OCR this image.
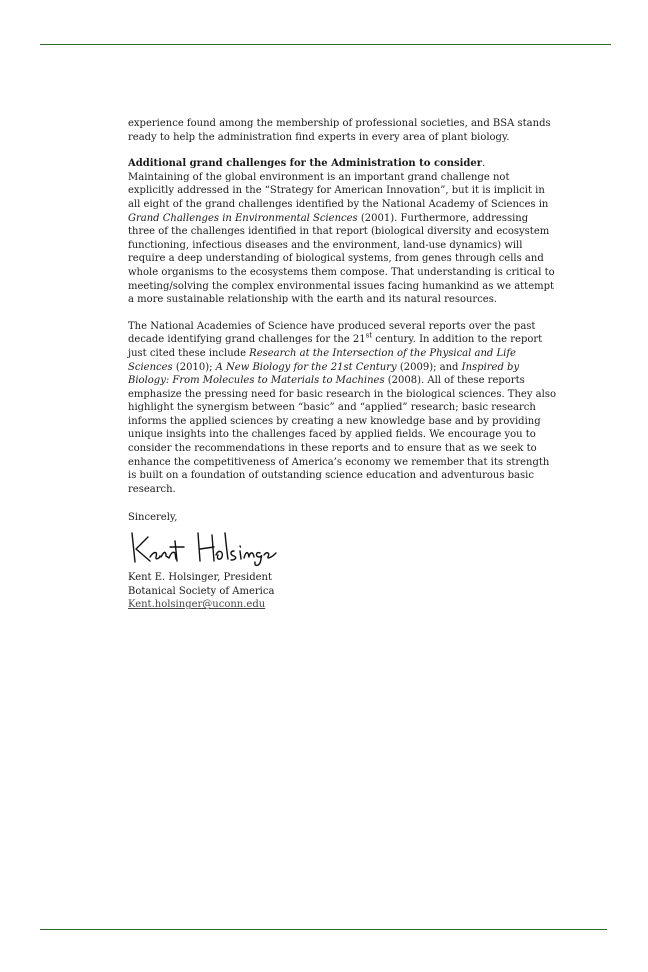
experience found among the membership of professional societies, and BSA stands ready to help the administration find experts in every area of plant biology.

Additional grand challenges for the Administration to consider.

Maintaining of the global environment is an important grand challenge not explicitly addressed in the “Strategy for American Innovation”, but it is implicit in all eight of the grand challenges identified by the National Academy of Sciences in Grand Challenges in Environmental Sciences (2001). Furthermore, addressing three of the challenges identified in that report (biological diversity and ecosystem functioning, infectious diseases and the environment, land-use dynamics) will require a deep understanding of biological systems, from genes through cells and whole organisms to the ecosystems them compose. That understanding is critical to meeting/solving the complex environmental issues facing humankind as we attempt a more sustainable relationship with the earth and its natural resources.

The National Academies of Science have produced several reports over the past decade identifying grand challenges for the 21st century. In addition to the report just cited these include Research at the Intersection of the Physical and Life Sciences (2010); A New Biology for the 21st Century (2009); and Inspired by Biology: From Molecules to Materials to Machines (2008). All of these reports emphasize the pressing need for basic research in the biological sciences. They also highlight the synergism between “basic” and “applied” research; basic research informs the applied sciences by creating a new knowledge base and by providing unique insights into the challenges faced by applied fields. We encourage you to consider the recommendations in these reports and to ensure that as we seek to enhance the competitiveness of America’s economy we remember that its strength is built on a foundation of outstanding science education and adventurous basic research.

Sincerely,

Kent E. Holsinger, President

Botanical Society of America

Kent.holsinger@uconn.edu
